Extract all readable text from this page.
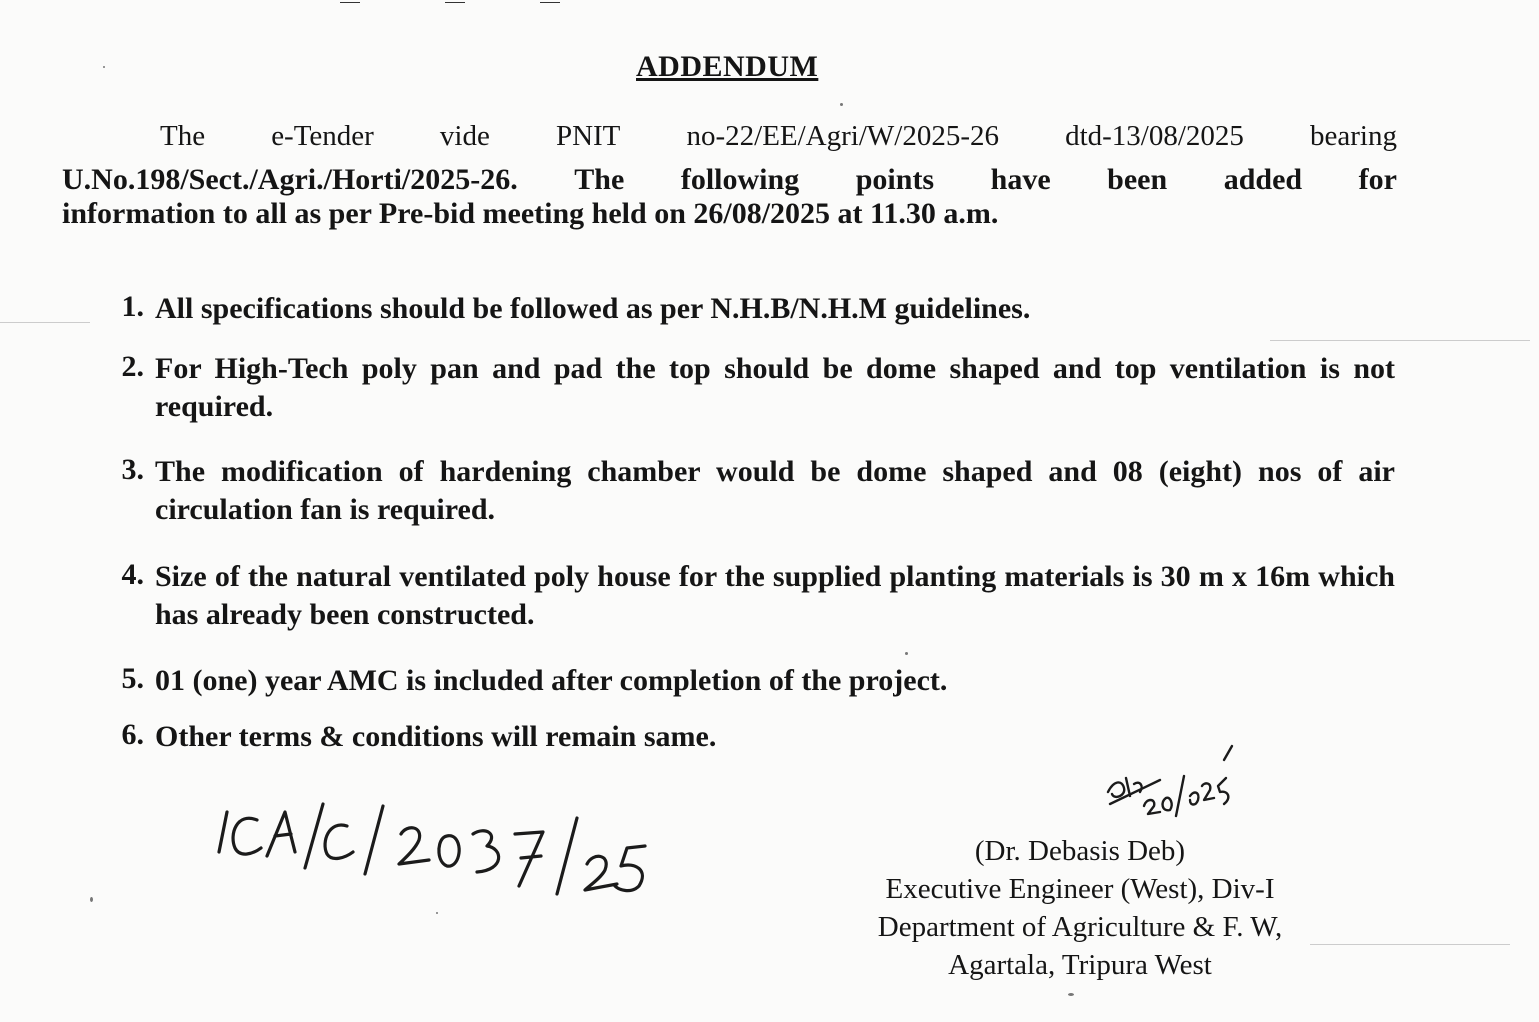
ADDENDUM
The e-Tender vide PNIT no-22/EE/Agri/W/2025-26 dtd-13/08/2025 bearing
U.No.198/Sect./Agri./Horti/2025-26. The following points have been added for
information to all as per Pre-bid meeting held on 26/08/2025 at 11.30 a.m.
1. All specifications should be followed as per N.H.B/N.H.M guidelines.
2. For High-Tech poly pan and pad the top should be dome shaped and top ventilation is not required.
3. The modification of hardening chamber would be dome shaped and 08 (eight) nos of air circulation fan is required.
4. Size of the natural ventilated poly house for the supplied planting materials is 30 m x 16m which has already been constructed.
5. 01 (one) year AMC is included after completion of the project.
6. Other terms & conditions will remain same.
(Dr. Debasis Deb)
Executive Engineer (West), Div-I
Department of Agriculture & F. W,
Agartala, Tripura West
